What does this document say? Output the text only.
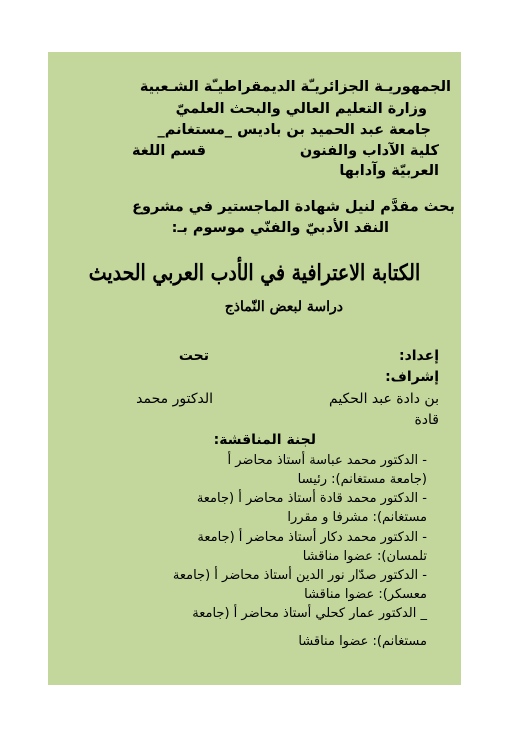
الجمهوريـة الجزائريـّة الديمقراطيـّة الشـعبية
وزارة التعليم العالي والبحث العلميّ
جامعة عبد الحميد بن باديس _مستغانم_
كلية الآداب والفنون
قسم اللغة
العربيّة وآدابها
بحث مقدَّم لنيل شهادة الماجستير في مشروع
النقد الأدبيّ والفنّي موسوم بـ:
الكتابة الاعترافية في الأدب العربي الحديث
دراسة لبعض النّماذج
إعداد:
تحت
إشراف:
بن دادة عبد الحكيم
الدكتور محمد
قادة
لجنة المناقشة:
- الدكتور محمد عباسة أستاذ محاضر أ
(جامعة مستغانم): رئيسا
- الدكتور محمد قادة أستاذ محاضر أ (جامعة
مستغانم): مشرفا و مقررا
- الدكتور محمد دكار أستاذ محاضر أ (جامعة
تلمسان): عضوا مناقشا
- الدكتور صدّار نور الدين أستاذ محاضر أ (جامعة
معسكر): عضوا مناقشا
_ الدكتور عمار كحلي أستاذ محاضر أ (جامعة
مستغانم): عضوا مناقشا
